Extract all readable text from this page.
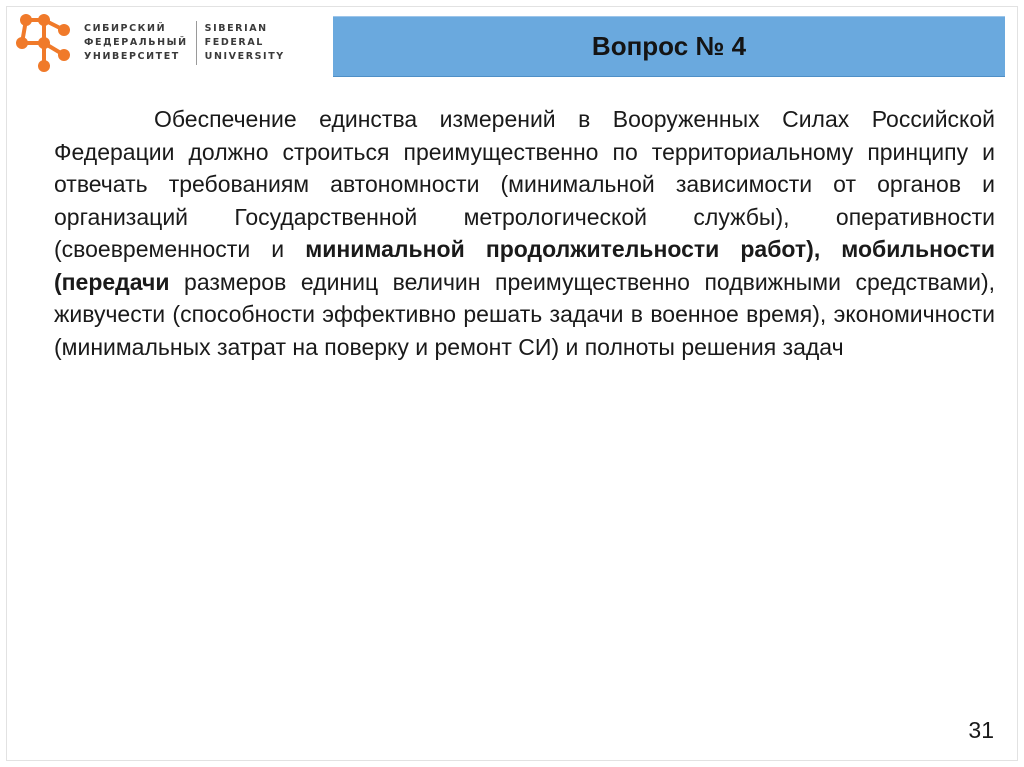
СИБИРСКИЙ
ФЕДЕРАЛЬНЫЙ
УНИВЕРСИТЕТ
SIBERIAN
FEDERAL
UNIVERSITY	Вопрос № 4
Обеспечение единства измерений в Вооруженных Силах Российской Федерации должно строиться преимущественно по территориальному принципу и отвечать требованиям автономности (минимальной зависимости от органов и организаций Государственной метрологической службы), оперативности (своевременности и минимальной продолжительности работ), мобильности (передачи размеров единиц величин преимущественно подвижными средствами), живучести (способности эффективно решать задачи в военное время), экономичности (минимальных затрат на поверку и ремонт СИ) и полноты решения задач
31
